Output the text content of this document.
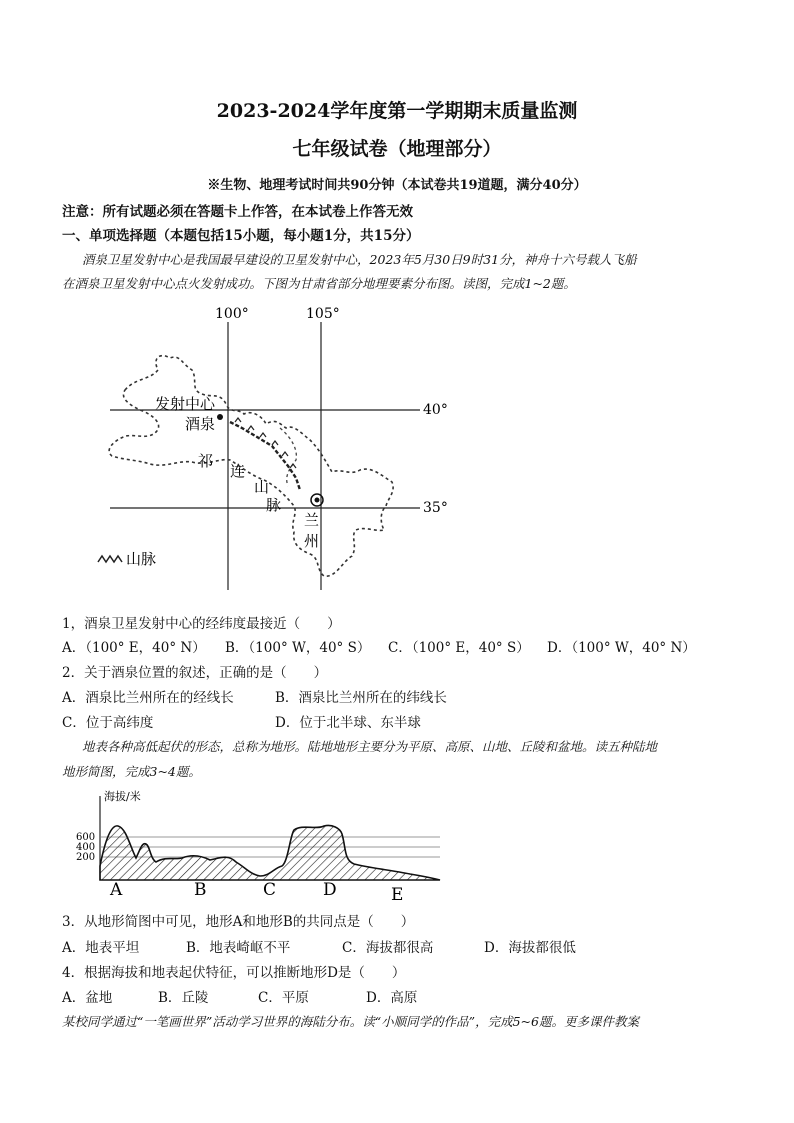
2023-2024学年度第一学期期末质量监测
七年级试卷（地理部分）
※生物、地理考试时间共90分钟（本试卷共19道题，满分40分）
注意：所有试题必须在答题卡上作答，在本试卷上作答无效
一、单项选择题（本题包括15小题，每小题1分，共15分）
酒泉卫星发射中心是我国最早建设的卫星发射中心，2023年5月30日9时31分，神舟十六号载人飞船
在酒泉卫星发射中心点火发射成功。下图为甘肃省部分地理要素分布图。读图，完成1~2题。
100°	105°
40°
35°
发射中心
酒泉
祁
连
山
脉
兰
州
山脉
1，酒泉卫星发射中心的经纬度最接近（　　）
A．（100° E，40° N） B．（100° W，40° S） C．（100° E，40° S） D．（100° W，40° N）
2．关于酒泉位置的叙述，正确的是（　　）
A．酒泉比兰州所在的经线长	B．酒泉比兰州所在的纬线长
C．位于高纬度	D．位于北半球、东半球
地表各种高低起伏的形态，总称为地形。陆地地形主要分为平原、高原、山地、丘陵和盆地。读五种陆地
地形简图，完成3~4题。
海拔/米
600
400
200
A	B	C	D	E
3．从地形简图中可见，地形A和地形B的共同点是（　　）
A．地表平坦	B．地表崎岖不平	C．海拔都很高	D．海拔都很低
4．根据海拔和地表起伏特征，可以推断地形D是（　　）
A．盆地	B．丘陵	C．平原	D．高原
某校同学通过“一笔画世界”活动学习世界的海陆分布。读“小顺同学的作品”，完成5~6题。更多课件教案
